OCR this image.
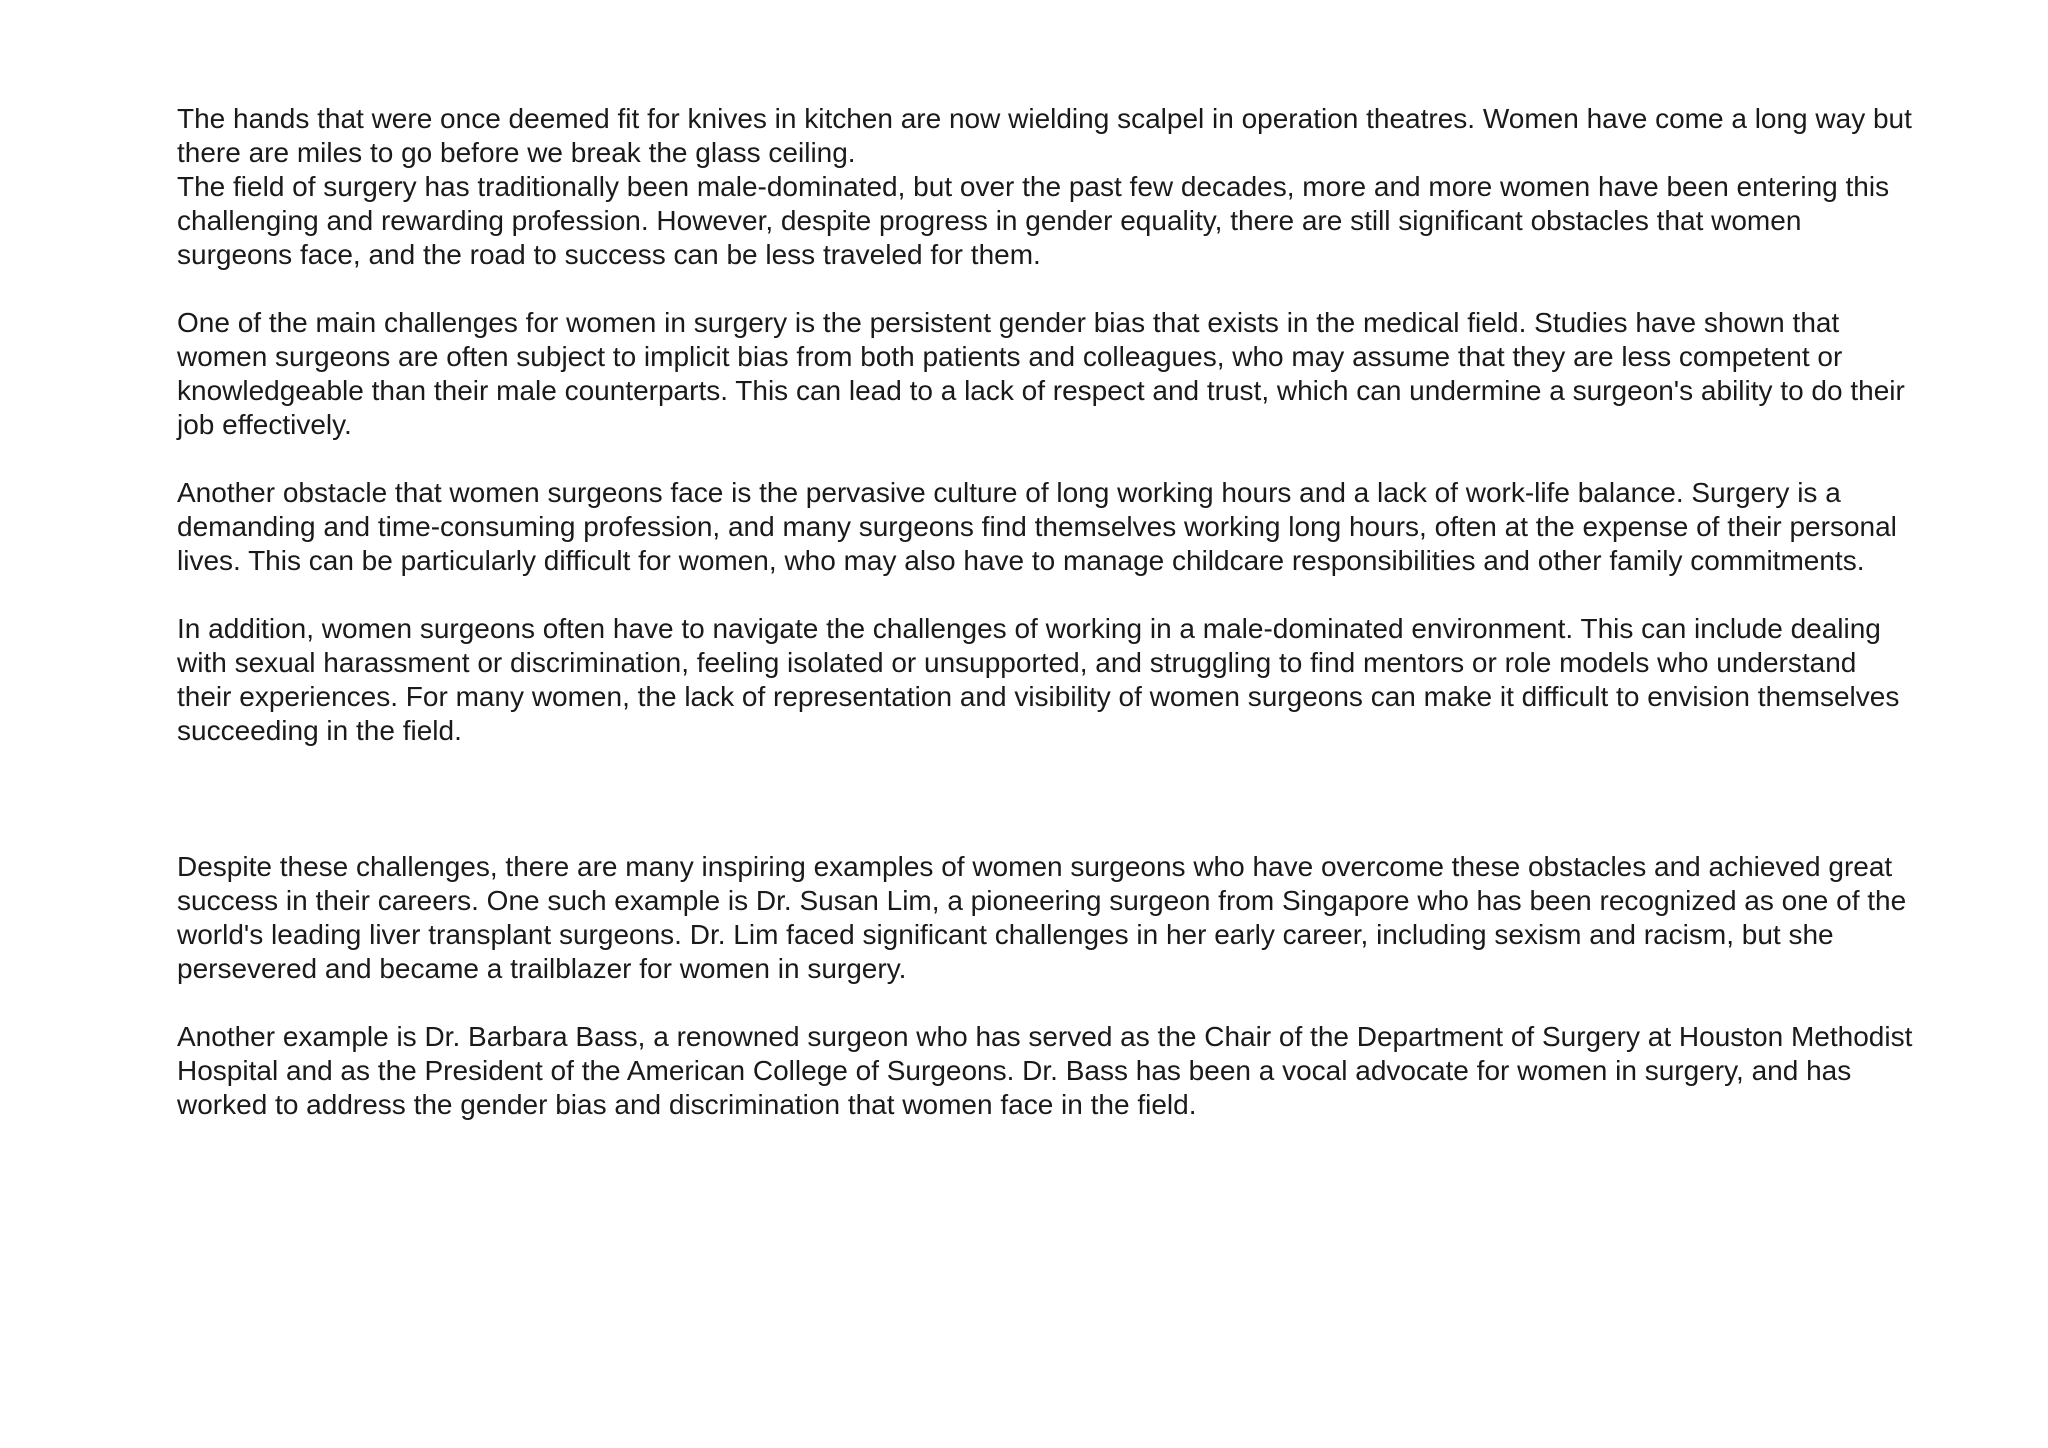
The hands that were once deemed fit for knives in kitchen are now wielding scalpel in operation theatres. Women have come a long way but there are miles to go before we break the glass ceiling.

The field of surgery has traditionally been male-dominated, but over the past few decades, more and more women have been entering this challenging and rewarding profession. However, despite progress in gender equality, there are still significant obstacles that women surgeons face, and the road to success can be less traveled for them.

One of the main challenges for women in surgery is the persistent gender bias that exists in the medical field. Studies have shown that women surgeons are often subject to implicit bias from both patients and colleagues, who may assume that they are less competent or knowledgeable than their male counterparts. This can lead to a lack of respect and trust, which can undermine a surgeon's ability to do their job effectively.

Another obstacle that women surgeons face is the pervasive culture of long working hours and a lack of work-life balance. Surgery is a demanding and time-consuming profession, and many surgeons find themselves working long hours, often at the expense of their personal lives. This can be particularly difficult for women, who may also have to manage childcare responsibilities and other family commitments.

In addition, women surgeons often have to navigate the challenges of working in a male-dominated environment. This can include dealing with sexual harassment or discrimination, feeling isolated or unsupported, and struggling to find mentors or role models who understand their experiences. For many women, the lack of representation and visibility of women surgeons can make it difficult to envision themselves succeeding in the field.

Despite these challenges, there are many inspiring examples of women surgeons who have overcome these obstacles and achieved great success in their careers. One such example is Dr. Susan Lim, a pioneering surgeon from Singapore who has been recognized as one of the world's leading liver transplant surgeons. Dr. Lim faced significant challenges in her early career, including sexism and racism, but she persevered and became a trailblazer for women in surgery.

Another example is Dr. Barbara Bass, a renowned surgeon who has served as the Chair of the Department of Surgery at Houston Methodist Hospital and as the President of the American College of Surgeons. Dr. Bass has been a vocal advocate for women in surgery, and has worked to address the gender bias and discrimination that women face in the field.
